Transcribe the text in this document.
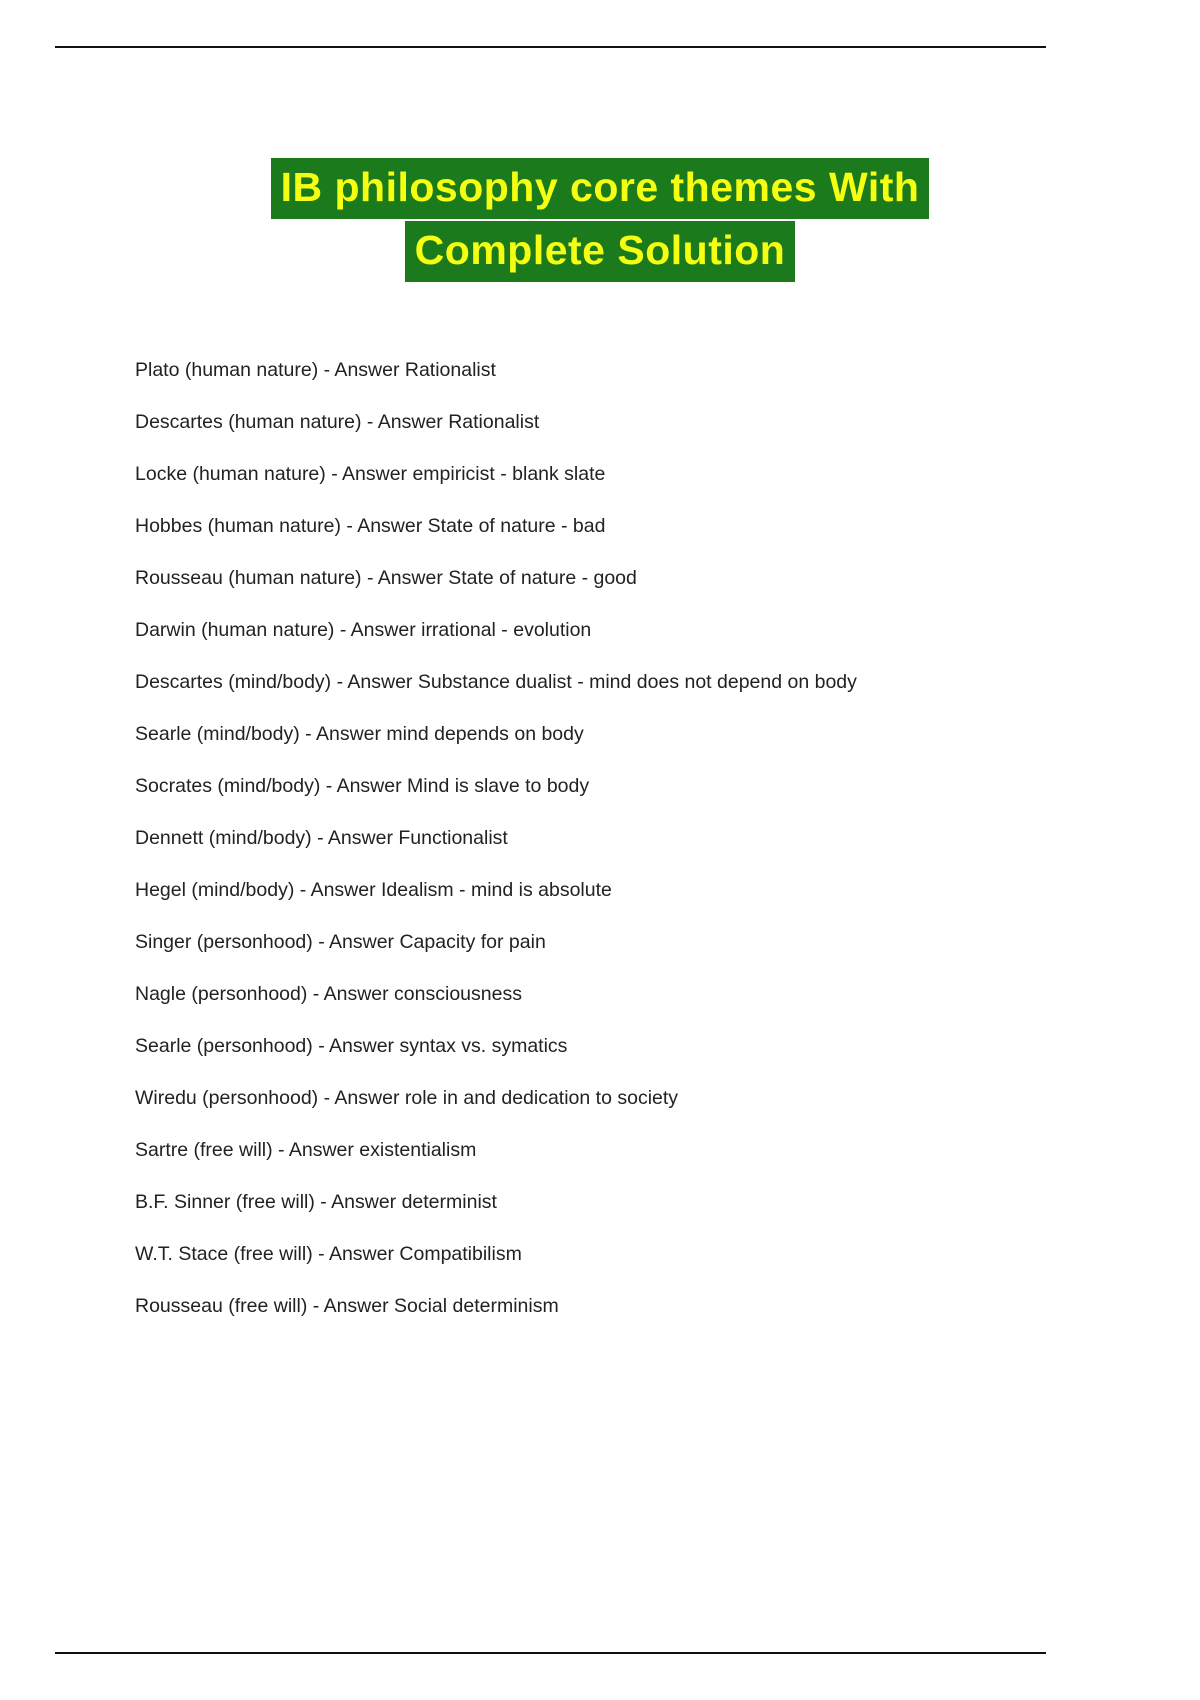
IB philosophy core themes With
Complete Solution

Plato (human nature) - Answer Rationalist

Descartes (human nature) - Answer Rationalist

Locke (human nature) - Answer empiricist - blank slate

Hobbes (human nature) - Answer State of nature - bad

Rousseau (human nature) - Answer State of nature - good

Darwin (human nature) - Answer irrational - evolution

Descartes (mind/body) - Answer Substance dualist - mind does not depend on body

Searle (mind/body) - Answer mind depends on body

Socrates (mind/body) - Answer Mind is slave to body

Dennett (mind/body) - Answer Functionalist

Hegel (mind/body) - Answer Idealism - mind is absolute

Singer (personhood) - Answer Capacity for pain

Nagle (personhood) - Answer consciousness

Searle (personhood) - Answer syntax vs. symatics

Wiredu (personhood) - Answer role in and dedication to society

Sartre (free will) - Answer existentialism

B.F. Sinner (free will) - Answer determinist

W.T. Stace (free will) - Answer Compatibilism

Rousseau (free will) - Answer Social determinism
